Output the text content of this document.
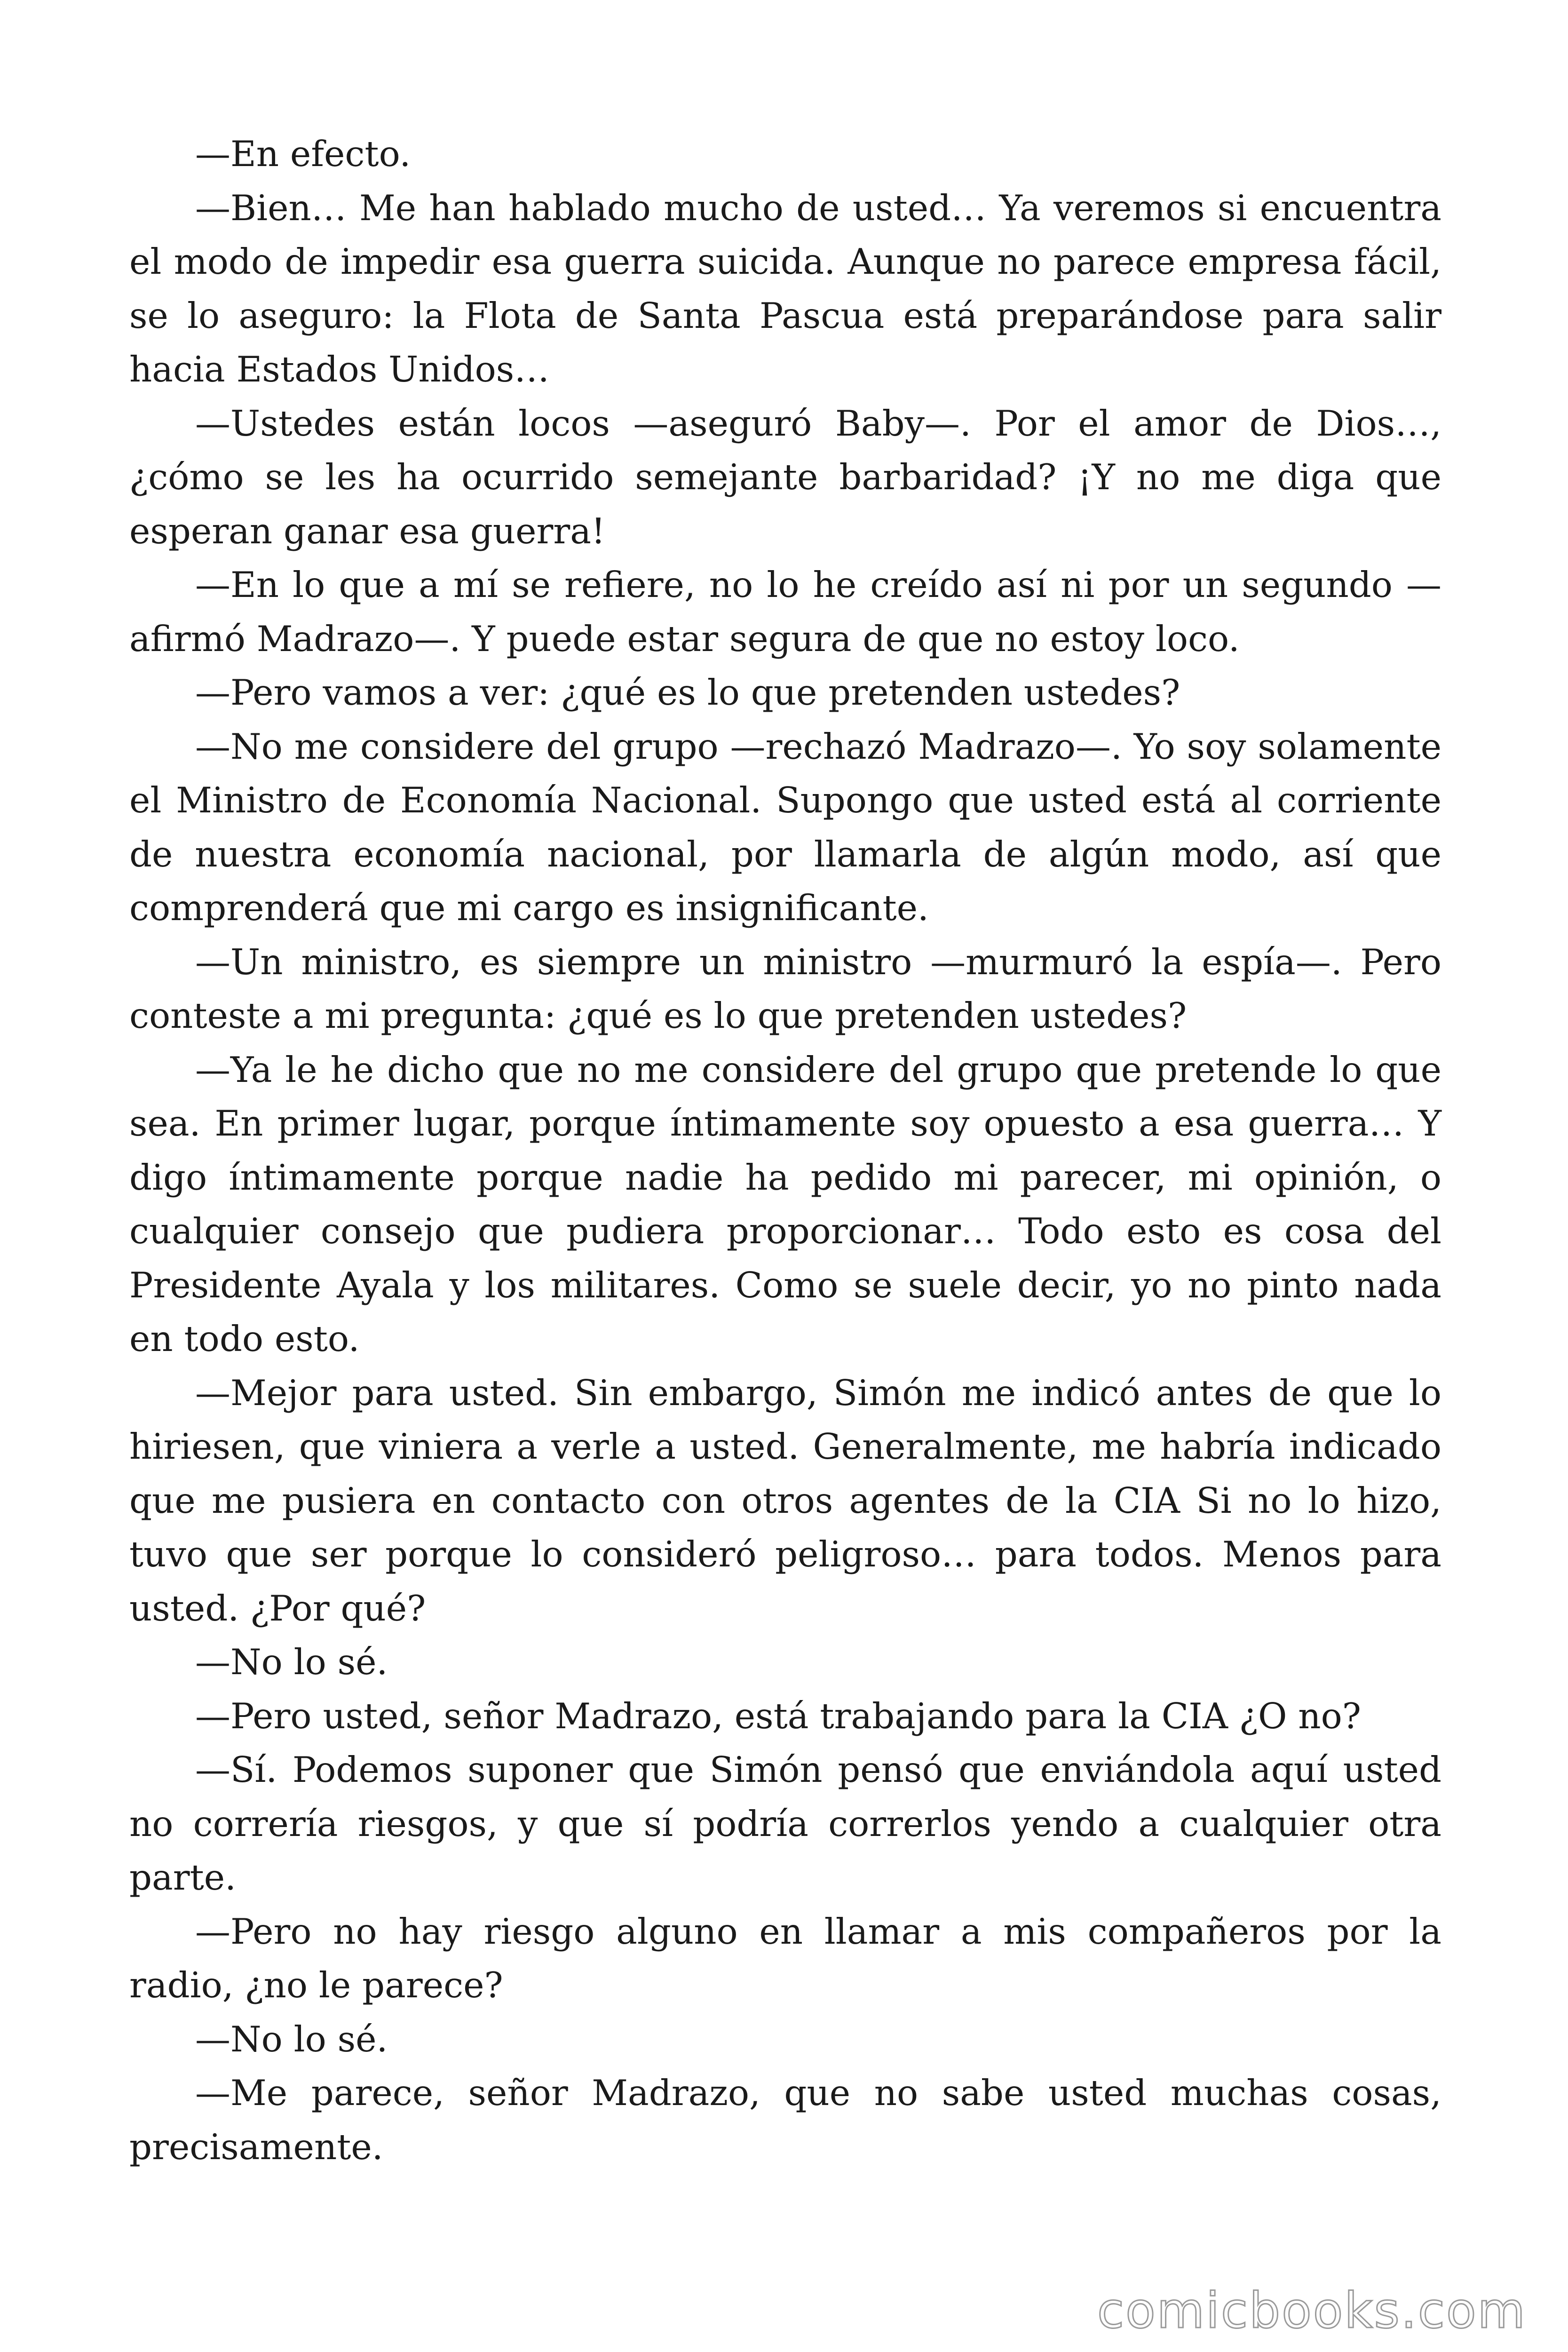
—En efecto.

—Bien… Me han hablado mucho de usted… Ya veremos si encuentra el modo de impedir esa guerra suicida. Aunque no parece empresa fácil, se lo aseguro: la Flota de Santa Pascua está preparándose para salir hacia Estados Unidos…

—Ustedes están locos —aseguró Baby—. Por el amor de Dios…, ¿cómo se les ha ocurrido semejante barbaridad? ¡Y no me diga que esperan ganar esa guerra!

—En lo que a mí se refiere, no lo he creído así ni por un segundo —afirmó Madrazo—. Y puede estar segura de que no estoy loco.

—Pero vamos a ver: ¿qué es lo que pretenden ustedes?

—No me considere del grupo —rechazó Madrazo—. Yo soy solamente el Ministro de Economía Nacional. Supongo que usted está al corriente de nuestra economía nacional, por llamarla de algún modo, así que comprenderá que mi cargo es insignificante.

—Un ministro, es siempre un ministro —murmuró la espía—. Pero conteste a mi pregunta: ¿qué es lo que pretenden ustedes?

—Ya le he dicho que no me considere del grupo que pretende lo que sea. En primer lugar, porque íntimamente soy opuesto a esa guerra… Y digo íntimamente porque nadie ha pedido mi parecer, mi opinión, o cualquier consejo que pudiera proporcionar… Todo esto es cosa del Presidente Ayala y los militares. Como se suele decir, yo no pinto nada en todo esto.

—Mejor para usted. Sin embargo, Simón me indicó antes de que lo hiriesen, que viniera a verle a usted. Generalmente, me habría indicado que me pusiera en contacto con otros agentes de la CIA Si no lo hizo, tuvo que ser porque lo consideró peligroso… para todos. Menos para usted. ¿Por qué?

—No lo sé.

—Pero usted, señor Madrazo, está trabajando para la CIA ¿O no?

—Sí. Podemos suponer que Simón pensó que enviándola aquí usted no correría riesgos, y que sí podría correrlos yendo a cualquier otra parte.

—Pero no hay riesgo alguno en llamar a mis compañeros por la radio, ¿no le parece?

—No lo sé.

—Me parece, señor Madrazo, que no sabe usted muchas cosas, precisamente.

comicbooks.com
